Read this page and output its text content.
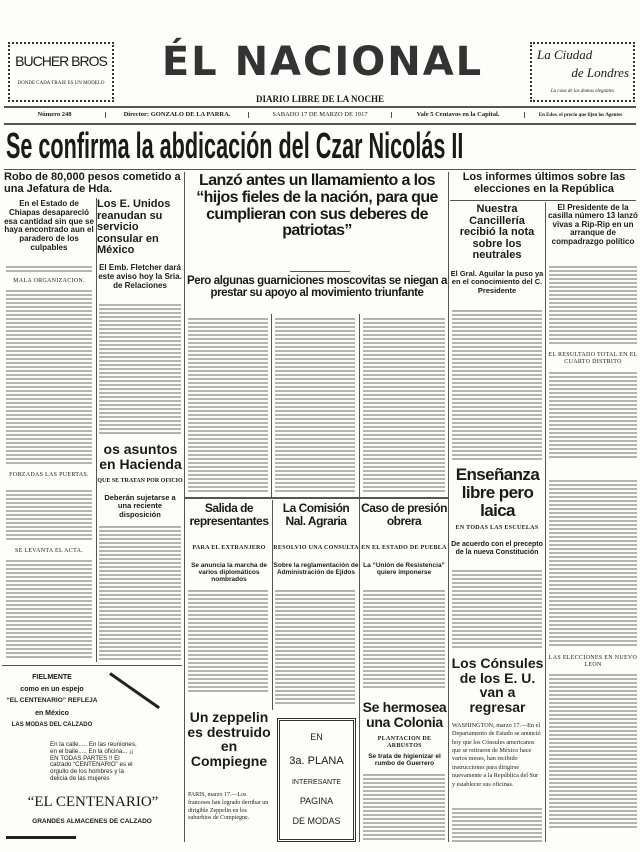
BUCHER BROS
DONDE CADA TRAJE ES UN MODELO	ÉL NACIONAL
DIARIO LIBRE DE LA NOCHE
La Ciudad
de Londres
La casa de las damas elegantes
Número 248	Director: GONZALO DE LA PARRA.	SABADO 17 DE MARZO DE 1917	Vale 5 Centavos en la Capital.	En Edos. el precio que fijen los Agentes
Se confirma la abdicación del Czar Nicolás II
Robo de 80,000 pesos cometido a una Jefatura de Hda.
En el Estado de Chiapas desapareció esa cantidad sin que se haya encontrado aun el paradero de los culpables
MALA ORGANIZACION.
FORZADAS LAS PUERTAS.
SE LEVANTA EL ACTA.
Los E. Unidos reanudan su servicio consular en México
El Emb. Fletcher dará este aviso hoy la Sria. de Relaciones
os asuntos en Hacienda
QUE SE TRATAN POR OFICIO
Deberán sujetarse a una reciente disposición
FIELMENTE
como en un espejo
“EL CENTENARIO” REFLEJA
en México
LAS MODAS DEL CALZADO
En la calle..... En las reuniones, en el baile..... En la oficina... ¡¡ EN TODAS PARTES !! El calzado “CENTENARIO” es el orgullo de los hombres y la delicia de las mujeres
“EL CENTENARIO”
GRANDES ALMACENES DE CALZADO
Lanzó antes un llamamiento a los “hijos fieles de la nación, para que cumplieran con sus deberes de patriotas”
Pero algunas guarniciones moscovitas se niegan a prestar su apoyo al movimiento triunfante
Salida de representantes
La Comisión Nal. Agraria
Caso de presión obrera
PARA EL EXTRANJERO	RESOLVIO UNA CONSULTA EN EL ESTADO DE PUEBLA
Se anuncia la marcha de varios diplomáticos nombrados
Sobre la reglamentación de Administración de Ejidos
La “Unión de Resistencia” quiere imponerse
Un zeppelin es destruido en Compiegne
PARIS, marzo 17.—Los franceses han logrado derribar un dirigible Zeppelin en los suburbios de Compiegne.
EN
3a. PLANA
INTERESANTE
PAGINA
DE MODAS
Se hermosea una Colonia
PLANTACION DE ARBUSTOS
Se trata de higienizar el rumbo de Guerrero
Los informes últimos sobre las elecciones en la República
Nuestra Cancillería recibió la nota sobre los neutrales
El Gral. Aguilar la puso ya en el conocimiento del C. Presidente
El Presidente de la casilla número 13 lanzó vivas a Rip-Rip en un arranque de compadrazgo político
EL RESULTADO TOTAL EN EL CUARTO DISTRITO
LAS ELECCIONES EN NUEVO LEON
Enseñanza libre pero laica
EN TODAS LAS ESCUELAS
De acuerdo con el precepto de la nueva Constitución
Los Cónsules de los E. U. van a regresar
WASHINGTON, marzo 17.—En el Departamento de Estado se anunció hoy que los Cónsules americanos que se retiraron de México hace varios meses, han recibido instrucciones para dirigirse nuevamente a la República del Sur y establecer sus oficinas.
